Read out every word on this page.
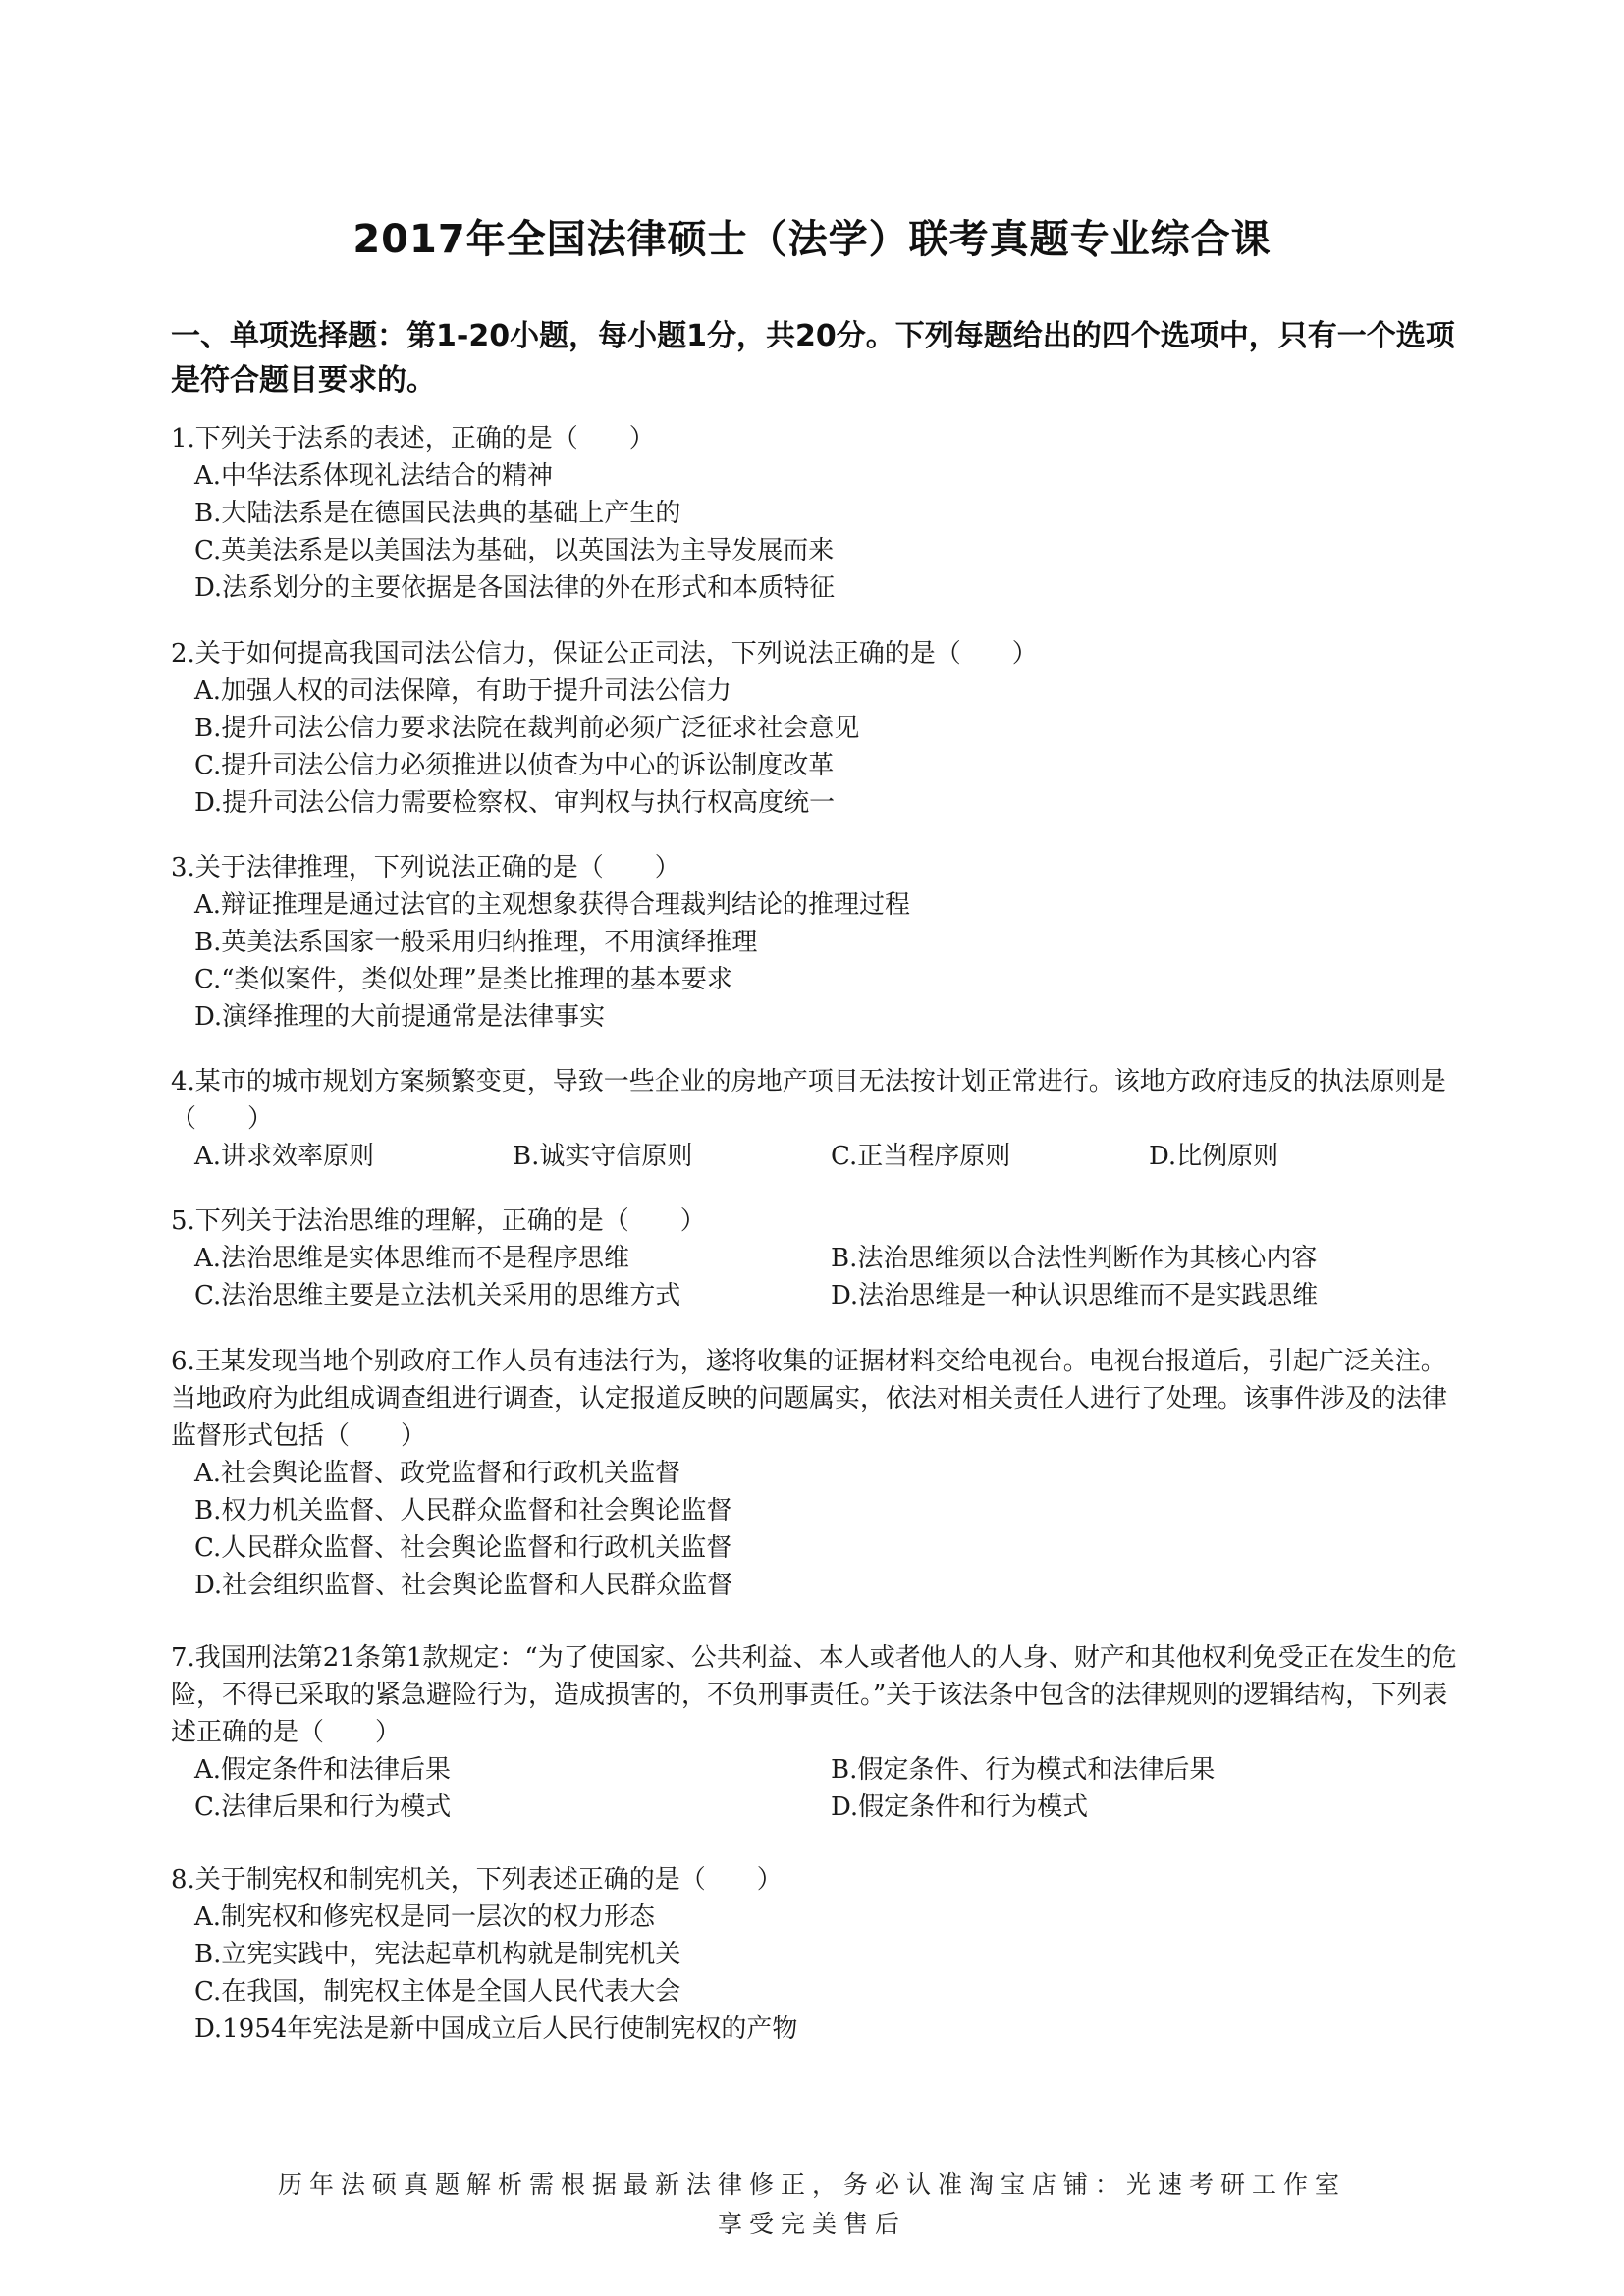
2017年全国法律硕士（法学）联考真题专业综合课
一、单项选择题：第1-20小题，每小题1分，共20分。下列每题给出的四个选项中，只有一个选项是符合题目要求的。

1.下列关于法系的表述，正确的是（　　）

A.中华法系体现礼法结合的精神

B.大陆法系是在德国民法典的基础上产生的

C.英美法系是以美国法为基础，以英国法为主导发展而来

D.法系划分的主要依据是各国法律的外在形式和本质特征

2.关于如何提高我国司法公信力，保证公正司法，下列说法正确的是（　　）

A.加强人权的司法保障，有助于提升司法公信力

B.提升司法公信力要求法院在裁判前必须广泛征求社会意见

C.提升司法公信力必须推进以侦查为中心的诉讼制度改革

D.提升司法公信力需要检察权、审判权与执行权高度统一

3.关于法律推理，下列说法正确的是（　　）

A.辩证推理是通过法官的主观想象获得合理裁判结论的推理过程

B.英美法系国家一般采用归纳推理，不用演绎推理

C.“类似案件，类似处理”是类比推理的基本要求

D.演绎推理的大前提通常是法律事实

4.某市的城市规划方案频繁变更，导致一些企业的房地产项目无法按计划正常进行。该地方政府违反的执法原则是（　　）

A.讲求效率原则	B.诚实守信原则	C.正当程序原则	D.比例原则

5.下列关于法治思维的理解，正确的是（　　）

A.法治思维是实体思维而不是程序思维	B.法治思维须以合法性判断作为其核心内容
C.法治思维主要是立法机关采用的思维方式	D.法治思维是一种认识思维而不是实践思维

6.王某发现当地个别政府工作人员有违法行为，遂将收集的证据材料交给电视台。电视台报道后，引起广泛关注。当地政府为此组成调查组进行调查，认定报道反映的问题属实，依法对相关责任人进行了处理。该事件涉及的法律监督形式包括（　　）

A.社会舆论监督、政党监督和行政机关监督

B.权力机关监督、人民群众监督和社会舆论监督

C.人民群众监督、社会舆论监督和行政机关监督

D.社会组织监督、社会舆论监督和人民群众监督

7.我国刑法第21条第1款规定：“为了使国家、公共利益、本人或者他人的人身、财产和其他权利免受正在发生的危险，不得已采取的紧急避险行为，造成损害的，不负刑事责任。”关于该法条中包含的法律规则的逻辑结构，下列表述正确的是（　　）

A.假定条件和法律后果	B.假定条件、行为模式和法律后果
C.法律后果和行为模式	D.假定条件和行为模式

8.关于制宪权和制宪机关，下列表述正确的是（　　）

A.制宪权和修宪权是同一层次的权力形态

B.立宪实践中，宪法起草机构就是制宪机关

C.在我国，制宪权主体是全国人民代表大会

D.1954年宪法是新中国成立后人民行使制宪权的产物

历年法硕真题解析需根据最新法律修正，务必认准淘宝店铺：光速考研工作室
享受完美售后
